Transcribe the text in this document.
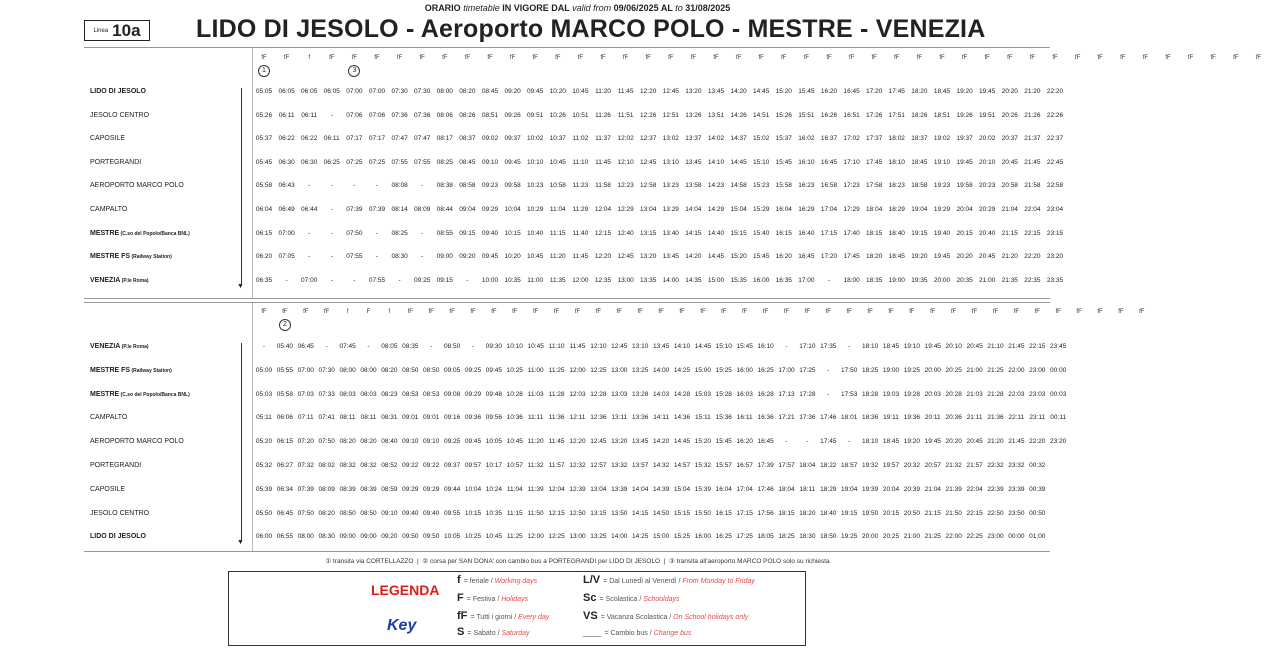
ORARIO timetable IN VIGORE DAL valid from 09/06/2025 AL to 31/08/2025
Linea 10a LIDO DI JESOLO - Aeroporto MARCO POLO - MESTRE - VENEZIA
fF	fF	f	fF	fF	fF	fF	fF	fF	fF	fF	fF	fF	fF	fF	fF	fF	fF	fF	fF	fF	fF	fF	fF	fF	fF	fF	fF	fF	fF	fF	fF	fF	fF	fF	fF	fF	fF	fF	fF	fF	fF	fF	fF	fF
1	3
LIDO DI JESOLO	05:05 06:05 06:05 06:05 07:00 07:00 07:30 07:30 08:00 08:20 08:45 09:20 09:45 10:20 10:45	11:20	11:45	12:20 12:45 13:20 13:45 14:20 14:45 15:20 15:45 16:20 16:45 17:20 17:45 18:20 18:45 19:20 19:45 20:20 21:20 22:20
JESOLO CENTRO	05:26	06:11	06:11	-	07:06 07:06 07:36 07:36 08:06 08:26 08:51 09:26 09:51 10:26 10:51	11:26	11:51	12:26 12:51 13:26 13:51 14:26 14:51 15:26 15:51 16:26 16:51 17:26 17:51 18:26 18:51 19:26 19:51 20:26 21:26 22:26
CAPOSILE	05:37 06:22 06:22	06:11	07:17 07:17 07:47 07:47 08:17 08:37 09:02 09:37 10:02 10:37	11:02	11:37	12:02 12:37 13:02 13:37 14:02 14:37 15:02 15:37 16:02 16:37 17:02 17:37 18:02 18:37 19:02 19:37 20:02 20:37 21:37 22:37
PORTEGRANDI	05:45 06:30 06:30 06:25 07:25 07:25 07:55 07:55 08:25 08:45 09:10 09:45 10:10 10:45	11:10	11:45	12:10 12:45 13:10 13:45 14:10 14:45 15:10 15:45 16:10 16:45 17:10 17:45 18:10 18:45 19:10 19:45 20:10 20:45 21:45 22:45
AEROPORTO MARCO POLO	05:58 06:43	-	-	-	-	08:08	-	08:38 08:58 09:23 09:58 10:23 10:58	11:23	11:58	12:23 12:58 13:23 13:58 14:23 14:58 15:23 15:58 16:23 16:58 17:23 17:58 18:23 18:58 19:23 19:58 20:23 20:58 21:58 22:58
CAMPALTO	06:04 06:49 06:44	-	07:39 07:39 08:14 08:09 08:44 09:04 09:29 10:04 10:29	11:04	11:29	12:04 12:29 13:04 13:29 14:04 14:29 15:04 15:29 16:04 16:29 17:04 17:29 18:04 18:29 19:04 19:29 20:04 20:29 21:04 22:04 23:04
MESTRE (C.so del Popolo/Banca BNL)	06:15 07:00	-	-	07:50	-	08:25	-	08:55 09:15 09:40 10:15 10:40	11:15	11:40	12:15 12:40 13:15 13:40 14:15 14:40 15:15 15:40 16:15 16:40 17:15 17:40 18:15 18:40 19:15 19:40 20:15 20:40 21:15 22:15 23:15
MESTRE FS (Railway Station)	06:20 07:05	-	-	07:55	-	08:30	-	09:00 09:20 09:45 10:20 10:45	11:20	11:45	12:20 12:45 13:20 13:45 14:20 14:45 15:20 15:45 16:20 16:45 17:20 17:45 18:20 18:45 19:20 19:45 20:20 20:45 21:20 22:20 23:20
VENEZIA (P.le Roma)	06:35	-	07:00	-	-	07:55	-	09:25 09:15	-	10:00 10:35	11:00	11:35	12:00 12:35 13:00 13:35 14:00 14:35 15:00 15:35 16:00 16:35 17:00	-	18:00 18:35 19:00 19:35 20:00 20:35 21:00 21:35 22:35 23:35
▼
fF	fF	fF	fF	f	F	f	fF	fF	fF	fF	fF	fF	fF	fF	fF	fF	fF	fF	fF	fF	fF	fF	fF	fF	fF	fF	fF	fF	fF	fF	fF	fF	fF	fF	fF	fF	fF	fF	fF	fF	fF	fF
2
VENEZIA (P.le Roma)	-	05:40 06:45	-	07:45	-	08:05 08:35	-	08:50	-	09:30 10:10 10:45 11:10 11:45 12:10 12:45 13:10 13:45 14:10 14:45 15:10 15:45 16:10	-	17:10 17:35	-	18:10 18:45 19:10 19:45 20:10 20:45 21:10 21:45 22:15 23:45
MESTRE FS (Railway Station)	05:00 05:55 07:00 07:30 08:00 08:00 08:20 08:50 08:50 09:05 09:25 09:45 10:25 11:00 11:25 12:00 12:25 13:00 13:25 14:00 14:25 15:00 15:25 16:00 16:25 17:00 17:25	-	17:50 18:25 19:00 19:25 20:00 20:25 21:00 21:25 22:00 23:00 00:00
MESTRE (C.so del Popolo/Banca BNL)	05:03 05:58 07:03 07:33 08:03 08:03 08:23 08:53 08:53 09:08 09:29 09:48 10:28 11:03 11:28 12:03 12:28 13:03 13:28 14:03 14:28 15:03 15:28 16:03 16:28 17:13 17:28	-	17:53 18:28 19:03 19:28 20:03 20:28 21:03 21:28 22:03 23:03 00:03
CAMPALTO	05:11 06:06 07:11 07:41 08:11 08:11 08:31 09:01 09:01 09:16 09:36 09:56 10:36 11:11 11:36 12:11 12:36 13:11 13:36 14:11 14:36 15:11 15:36 16:11 16:36 17:21 17:36 17:46 18:01 18:36 19:11 19:36 20:11 20:36 21:11 21:36 22:11 23:11 00:11
AEROPORTO MARCO POLO	05:20 06:15 07:20 07:50 08:20 08:20 08:40 09:10 09:10 09:25 09:45 10:05 10:45 11:20 11:45 12:20 12:45 13:20 13:45 14:20 14:45 15:20 15:45 16:20 16:45	-	-	17:45	-	18:10 18:45 19:20 19:45 20:20 20:45 21:20 21:45 22:20 23:20
PORTEGRANDI	05:32 06:27 07:32 08:02 08:32 08:32 08:52 09:22 09:22 09:37 09:57 10:17 10:57 11:32 11:57 12:32 12:57 13:32 13:57 14:32 14:57 15:32 15:57 16:57 17:39 17:57 18:04 18:22 18:57 19:32 19:57 20:32 20:57 21:32 21:57 22:32 23:32 00:32
CAPOSILE	05:39 06:34 07:39 08:09 08:39 08:39 08:59 09:29 09:29 09:44 10:04 10:24 11:04 11:39 12:04 12:39 13:04 13:39 14:04 14:39 15:04 15:39 16:04 17:04 17:46 18:04 18:11 18:29 19:04 19:39 20:04 20:39 21:04 21:39 22:04 22:39 23:39 00:39
JESOLO CENTRO	05:50 06:45 07:50 08:20 08:50 08:50 09:10 09:40 09:40 09:55 10:15 10:35 11:15 11:50 12:15 12:50 13:15 13:50 14:15 14:50 15:15 15:50 16:15 17:15 17:56 18:15 18:20 18:40 19:15 19:50 20:15 20:50 21:15 21:50 22:15 22:50 23:50 00:50
LIDO DI JESOLO	06:00 06:55 08:00 08:30 09:00 09:00 09:20 09:50 09:50 10:05 10:25 10:45 11:25 12:00 12:25 13:00 13:25 14:00 14:25 15:00 15:25 16:00 16:25 17:25 18:05 18:25 18:30 18:50 19:25 20:00 20:25 21:00 21:25 22:00 22:25 23:00 00:00 01:00
▼
① transita via CORTELLAZZO  |  ② corsa per SAN DONA' con cambio bus a PORTEGRANDI per LIDO DI JESOLO  |  ③ transita all'aeroporto MARCO POLO solo su richiesta
LEGENDA
Key
f = feriale / Working days
F = Festiva / Holidays
fF = Tutti i giorni / Every day
S = Sabato / Saturday
L/V = Dal Lunedì al Venerdì / From Monday to Friday
Sc = Scolastica / Schooldays
VS = Vacanza Scolastica / On School holidays only
___ = Cambio bus / Change bus
